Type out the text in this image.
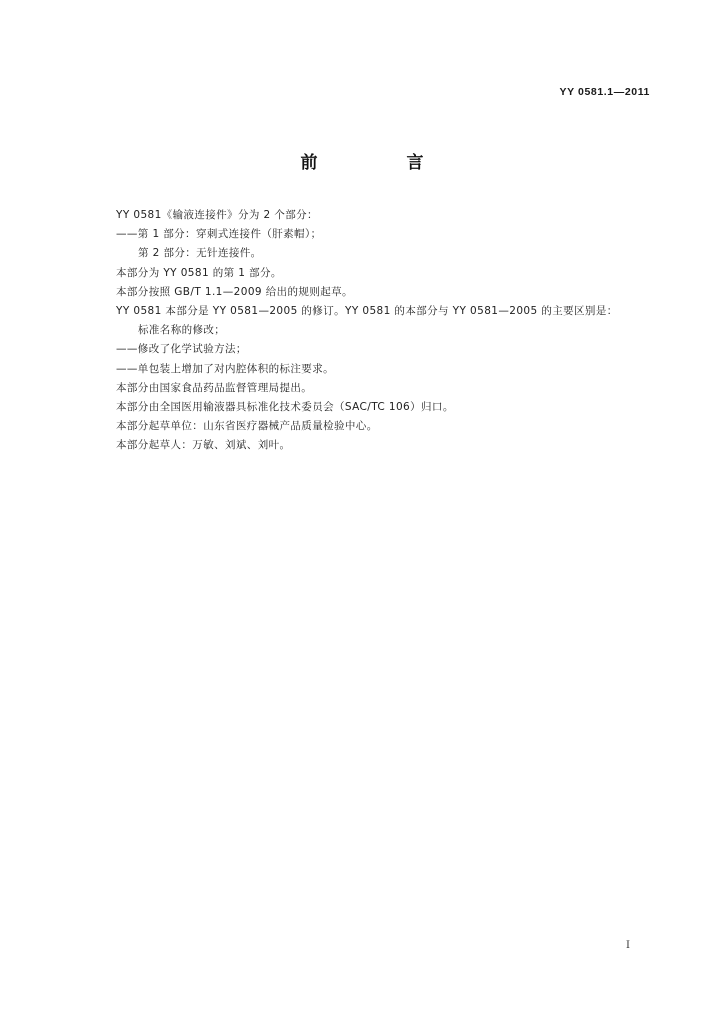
YY 0581.1—2011
前　言
YY 0581《输液连接件》分为 2 个部分：
——第 1 部分：穿刺式连接件（肝素帽）；
第 2 部分：无针连接件。
本部分为 YY 0581 的第 1 部分。
本部分按照 GB/T 1.1—2009 给出的规则起草。
YY 0581 本部分是 YY 0581—2005 的修订。YY 0581 的本部分与 YY 0581—2005 的主要区别是：
标准名称的修改；
——修改了化学试验方法；
——单包装上增加了对内腔体积的标注要求。
本部分由国家食品药品监督管理局提出。
本部分由全国医用输液器具标准化技术委员会（SAC/TC 106）归口。
本部分起草单位：山东省医疗器械产品质量检验中心。
本部分起草人：万敏、刘斌、刘叶。
I
